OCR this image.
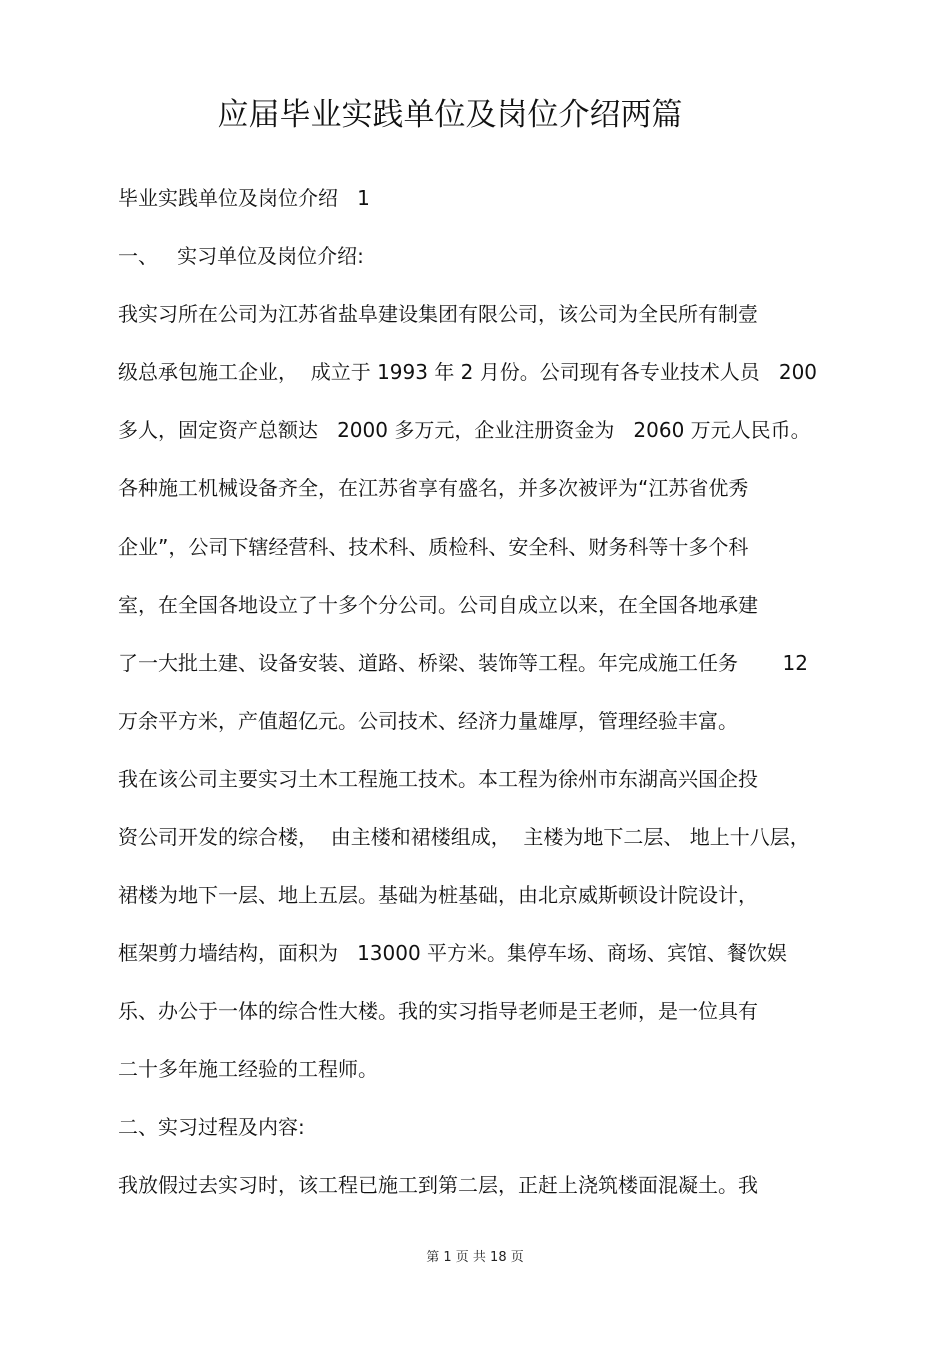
应届毕业实践单位及岗位介绍两篇
毕业实践单位及岗位介绍   1
一、   实习单位及岗位介绍:
我实习所在公司为江苏省盐阜建设集团有限公司，该公司为全民所有制壹
级总承包施工企业，  成立于 1993 年 2 月份。公司现有各专业技术人员   200
多人，固定资产总额达   2000 多万元，企业注册资金为   2060 万元人民币。
各种施工机械设备齐全，在江苏省享有盛名，并多次被评为“江苏省优秀
企业”，公司下辖经营科、技术科、质检科、安全科、财务科等十多个科
室，在全国各地设立了十多个分公司。公司自成立以来，在全国各地承建
了一大批土建、设备安装、道路、桥梁、装饰等工程。年完成施工任务       12
万余平方米，产值超亿元。公司技术、经济力量雄厚，管理经验丰富。
我在该公司主要实习土木工程施工技术。本工程为徐州市东湖高兴国企投
资公司开发的综合楼，  由主楼和裙楼组成，  主楼为地下二层、 地上十八层，
裙楼为地下一层、地上五层。基础为桩基础，由北京威斯顿设计院设计，
框架剪力墙结构，面积为   13000 平方米。集停车场、商场、宾馆、餐饮娱
乐、办公于一体的综合性大楼。我的实习指导老师是王老师，是一位具有
二十多年施工经验的工程师。
二、实习过程及内容:
我放假过去实习时，该工程已施工到第二层，正赶上浇筑楼面混凝土。我
第 1 页 共 18 页
